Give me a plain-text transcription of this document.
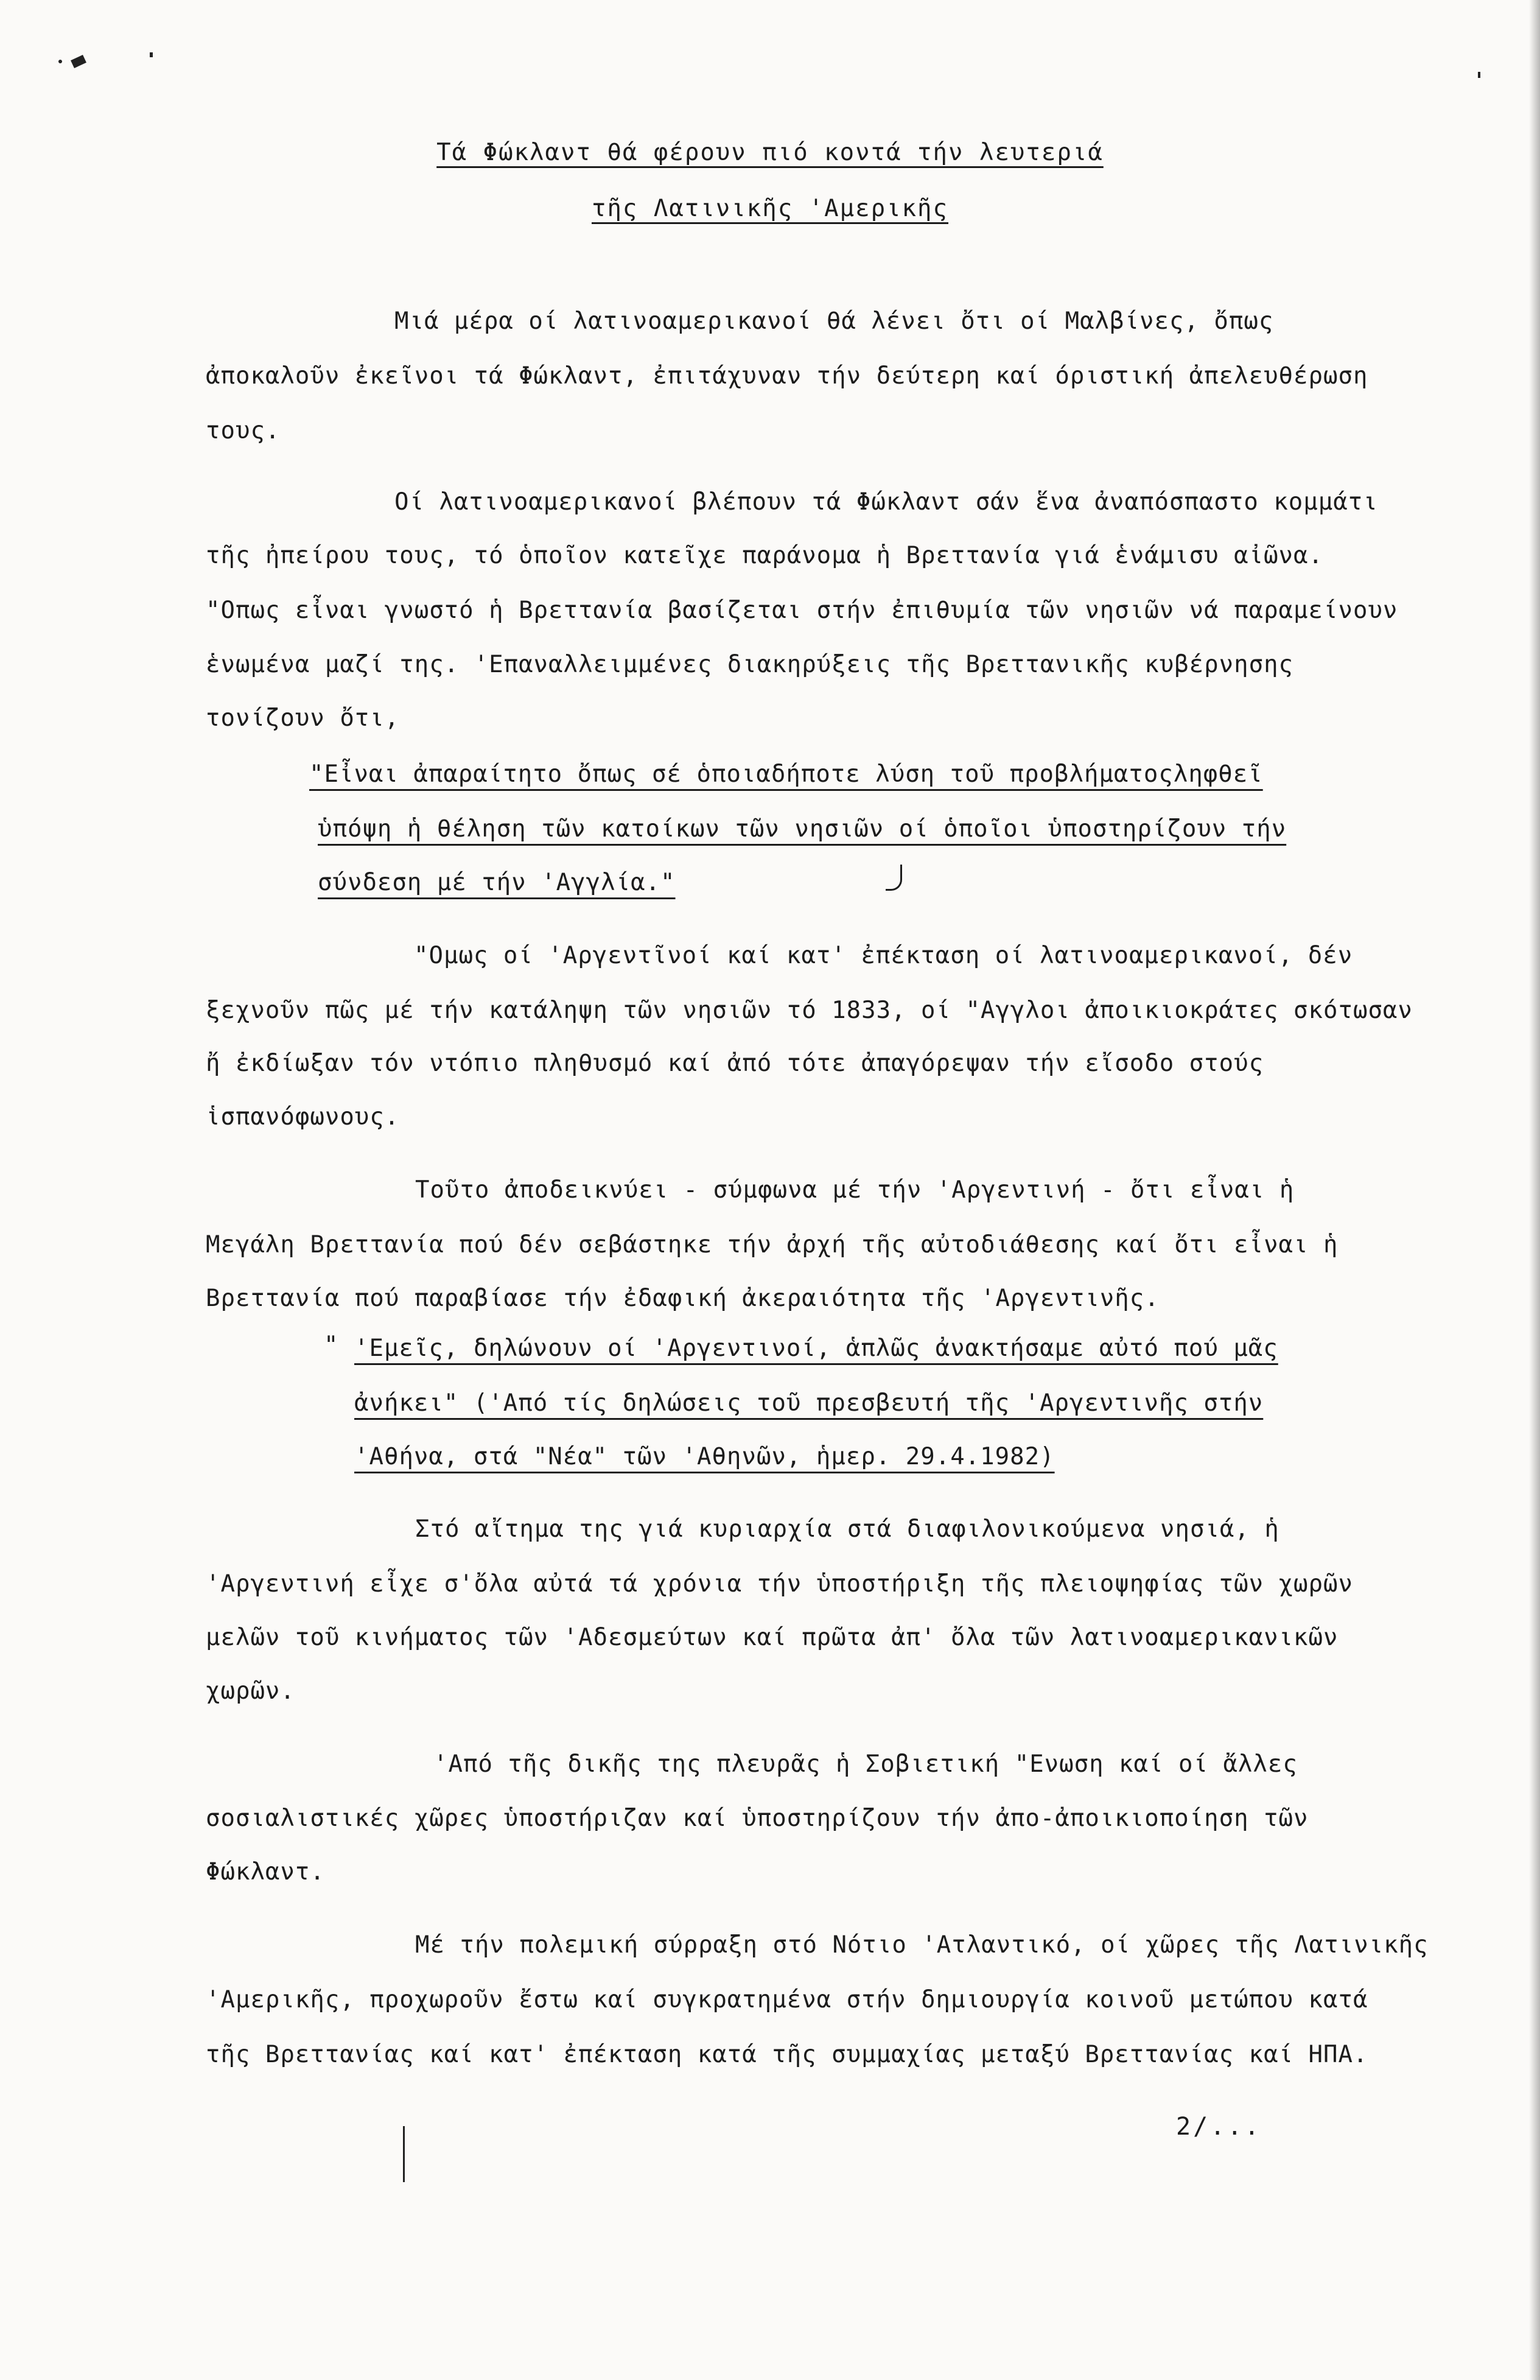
Τά Φώκλαντ θά φέρουν πιό κοντά τήν λευτεριά
τῆς Λατινικῆς 'Αμερικῆς
Μιά μέρα οί λατινοαμερικανοί θά λένει ὄτι οί Μαλβίνες, ὄπως
ἀποκαλοῦν ἐκεῖνοι τά Φώκλαντ, ἐπιτάχυναν τήν δεύτερη καί όριστική ἀπελευθέρωση
τους.
Οί λατινοαμερικανοί βλέπουν τά Φώκλαντ σάν ἕνα ἀναπόσπαστο κομμάτι
τῆς ἠπείρου τους, τό ὁποῖον κατεῖχε παράνομα ἡ Βρεττανία γιά ἑνάμισυ αἰῶνα.
"Οπως εἶναι γνωστό ἡ Βρεττανία βασίζεται στήν ἐπιθυμία τῶν νησιῶν νά παραμείνουν
ἑνωμένα μαζί της. 'Επαναλλειμμένες διακηρύξεις τῆς Βρεττανικῆς κυβέρνησης
τονίζουν ὄτι,
"Εἶναι ἀπαραίτητο ὄπως σέ ὁποιαδήποτε λύση τοῦ προβλήματοςληφθεῖ
ὑπόψη ἡ θέληση τῶν κατοίκων τῶν νησιῶν οί ὁποῖοι ὑποστηρίζουν τήν
σύνδεση μέ τήν 'Αγγλία."
"Ομως οί 'Αργεντῖνοί καί κατ' ἐπέκταση οί λατινοαμερικανοί, δέν
ξεχνοῦν πῶς μέ τήν κατάληψη τῶν νησιῶν τό 1833, οί "Αγγλοι ἀποικιοκράτες σκότωσαν
ἤ ἐκδίωξαν τόν ντόπιο πληθυσμό καί ἀπό τότε ἀπαγόρεψαν τήν εἴσοδο στούς
ἱσπανόφωνους.
Τοῦτο ἀποδεικνύει - σύμφωνα μέ τήν 'Αργεντινή - ὄτι εἶναι ἡ
Μεγάλη Βρεττανία πού δέν σεβάστηκε τήν ἀρχή τῆς αὐτοδιάθεσης καί ὄτι εἶναι ἡ
Βρεττανία πού παραβίασε τήν ἐδαφική ἀκεραιότητα τῆς 'Αργεντινῆς.
" 'Εμεῖς, δηλώνουν οί 'Αργεντινοί, ἁπλῶς ἀνακτήσαμε αὐτό πού μᾶς
ἀνήκει" ('Από τίς δηλώσεις τοῦ πρεσβευτή τῆς 'Αργεντινῆς στήν
'Αθήνα, στά "Νέα" τῶν 'Αθηνῶν, ἡμερ. 29.4.1982)
Στό αἴτημα της γιά κυριαρχία στά διαφιλονικούμενα νησιά, ἡ
'Αργεντινή εἶχε σ'ὄλα αὐτά τά χρόνια τήν ὑποστήριξη τῆς πλειοψηφίας τῶν χωρῶν
μελῶν τοῦ κινήματος τῶν 'Αδεσμεύτων καί πρῶτα ἀπ' ὄλα τῶν λατινοαμερικανικῶν
χωρῶν.
'Από τῆς δικῆς της πλευρᾶς ἡ Σοβιετική "Ενωση καί οί ἄλλες
σοσιαλιστικές χῶρες ὑποστήριζαν καί ὑποστηρίζουν τήν ἀπο-ἀποικιοποίηση τῶν
Φώκλαντ.
Μέ τήν πολεμική σύρραξη στό Νότιο 'Ατλαντικό, οί χῶρες τῆς Λατινικῆς
'Αμερικῆς, προχωροῦν ἔστω καί συγκρατημένα στήν δημιουργία κοινοῦ μετώπου κατά
τῆς Βρεττανίας καί κατ' ἐπέκταση κατά τῆς συμμαχίας μεταξύ Βρεττανίας καί ΗΠΑ.
2/...
